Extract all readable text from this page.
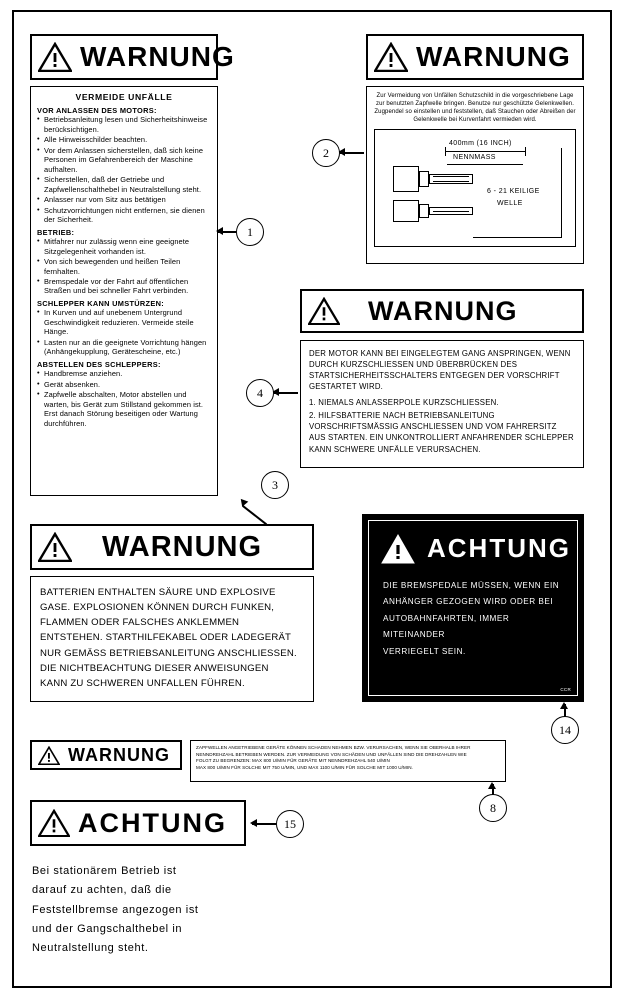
WARNUNG
VERMEIDE UNFÄLLE
VOR ANLASSEN DES MOTORS:
• Betriebsanleitung lesen und Sicherheitshinweise berücksichtigen.
• Alle Hinweisschilder beachten.
• Vor dem Anlassen sicherstellen, daß sich keine Personen im Gefahrenbereich der Maschine aufhalten.
• Sicherstellen, daß der Getriebe und Zapfwellenschalthebel in Neutralstellung steht.
• Anlasser nur vom Sitz aus betätigen
• Schutzvorrichtungen nicht entfernen, sie dienen der Sicherheit.
BETRIEB:
• Mitfahrer nur zulässig wenn eine geeignete Sitzgelegenheit vorhanden ist.
• Von sich bewegenden und heißen Teilen fernhalten.
• Bremspedale vor der Fahrt auf öffentlichen Straßen und bei schneller Fahrt verbinden.
SCHLEPPER KANN UMSTÜRZEN:
• In Kurven und auf unebenem Untergrund Geschwindigkeit reduzieren. Vermeide steile Hänge.
• Lasten nur an die geeignete Vorrichtung hängen (Anhängekupplung, Gerätescheine, etc.)
ABSTELLEN DES SCHLEPPERS:
• Handbremse anziehen.
• Gerät absenken.
• Zapfwelle abschalten, Motor abstellen und warten, bis Gerät zum Stillstand gekommen ist. Erst danach Störung beseitigen oder Wartung durchführen.
1
WARNUNG
Zur Vermeidung von Unfällen Schutzschild in die vorgeschriebene Lage zur benutzten Zapfwelle bringen. Benutze nur geschützte Gelenkwellen. Zugpendel so einstellen und feststellen, daß Stauchen oder Abreißen der Gelenkwelle bei Kurvenfahrt vermieden wird.
400mm (16 INCH)
NENNMASS
6 - 21 KEILIGE
WELLE
2
WARNUNG
DER MOTOR KANN BEI EINGELEGTEM GANG ANSPRINGEN, WENN DURCH KURZSCHLIESSEN UND ÜBERBRÜCKEN DES STARTSICHERHEITSSCHALTERS ENTGEGEN DER VORSCHRIFT GESTARTET WIRD.
1. NIEMALS ANLASSERPOLE KURZSCHLIESSEN.
2. HILFSBATTERIE NACH BETRIEBSANLEITUNG VORSCHRIFTSMÄSSIG ANSCHLIESSEN UND VOM FAHRERSITZ AUS STARTEN. EIN UNKONTROLLIERT ANFAHRENDER SCHLEPPER KANN SCHWERE UNFÄLLE VERURSACHEN.
4
WARNUNG
BATTERIEN ENTHALTEN SÄURE UND EXPLOSIVE
GASE. EXPLOSIONEN KÖNNEN DURCH FUNKEN,
FLAMMEN ODER FALSCHES ANKLEMMEN
ENTSTEHEN. STARTHILFEKABEL ODER LADEGERÄT
NUR GEMÄSS BETRIEBSANLEITUNG ANSCHLIESSEN.
DIE NICHTBEACHTUNG DIESER ANWEISUNGEN
KANN ZU SCHWEREN UNFALLEN FÜHREN.
3
ACHTUNG
DIE BREMSPEDALE MÜSSEN, WENN EIN
ANHÄNGER GEZOGEN WIRD ODER BEI
AUTOBAHNFAHRTEN, IMMER MITEINANDER
VERRIEGELT SEIN.
CCR
14
WARNUNG	ZAPFWELLEN ANGETRIEBENE GERÄTE KÖNNEN SCHADEN NEHMEN BZW. VERURSACHEN, WENN SIE OBERHALB IHRER
NENNDREHZAHL BETRIEBEN WERDEN. ZUR VERMEIDUNG VON SCHÄDEN UND UNFÄLLEN SIND DIE DREHZAHLEN WIE
FOLGT ZU BEGRENZEN: MAX 800 U/MIN FÜR GERÄTE MIT NENNDREHZAHL 540 U/MIN
MAX 800 U/MIN FÜR SOLCHE MIT 750 U/MIN, UND MAX 1100 U/MIN FÜR SOLCHE MIT 1000 U/MIN.
8
ACHTUNG	15
Bei stationärem Betrieb ist
darauf zu achten, daß die
Feststellbremse angezogen ist
und der Gangschalthebel in
Neutralstellung steht.
